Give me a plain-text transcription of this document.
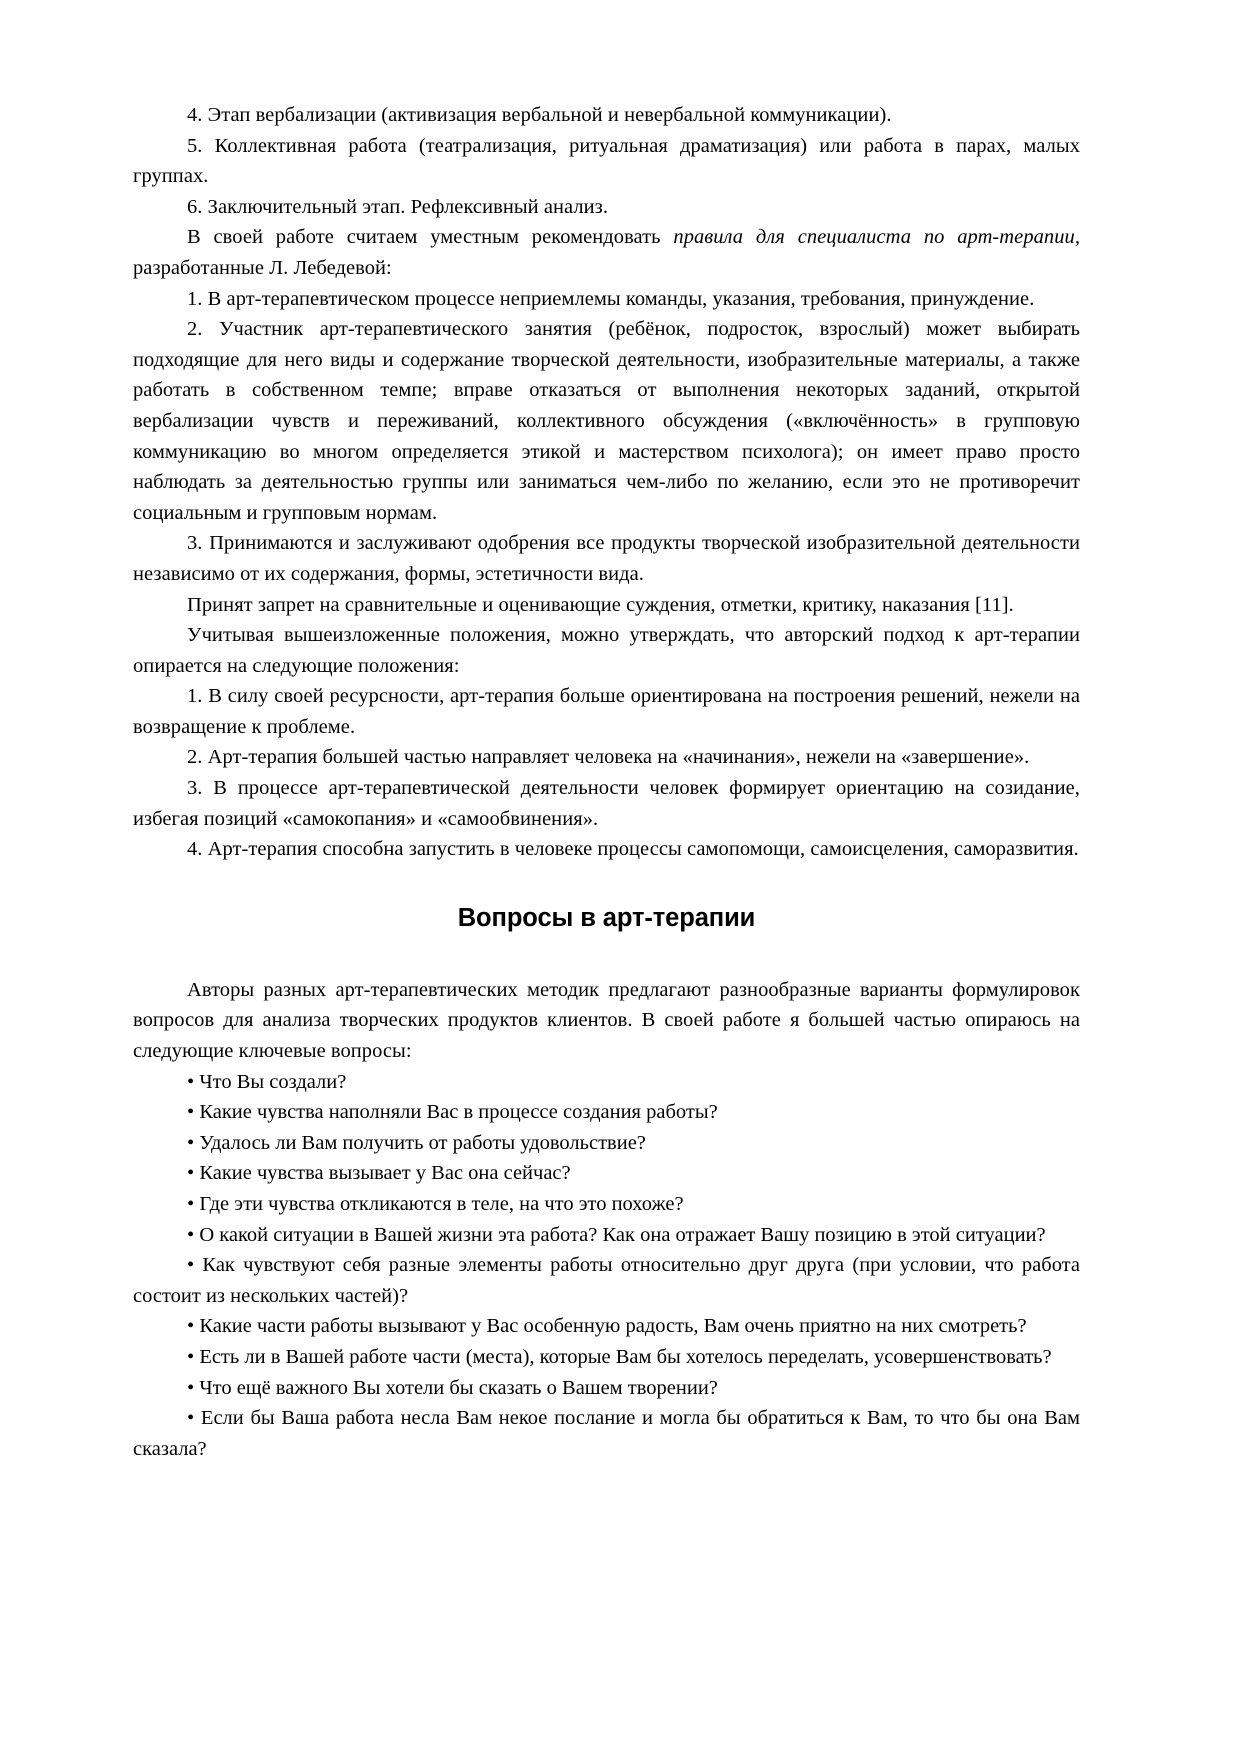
4. Этап вербализации (активизация вербальной и невербальной коммуникации).

5. Коллективная работа (театрализация, ритуальная драматизация) или работа в парах, малых группах.

6. Заключительный этап. Рефлексивный анализ.

В своей работе считаем уместным рекомендовать правила для специалиста по арт-терапии, разработанные Л. Лебедевой:

1. В арт-терапевтическом процессе неприемлемы команды, указания, требования, принуждение.

2. Участник арт-терапевтического занятия (ребёнок, подросток, взрослый) может выбирать подходящие для него виды и содержание творческой деятельности, изобразительные материалы, а также работать в собственном темпе; вправе отказаться от выполнения некоторых заданий, открытой вербализации чувств и переживаний, коллективного обсуждения («включённость» в групповую коммуникацию во многом определяется этикой и мастерством психолога); он имеет право просто наблюдать за деятельностью группы или заниматься чем-либо по желанию, если это не противоречит социальным и групповым нормам.

3. Принимаются и заслуживают одобрения все продукты творческой изобразительной деятельности независимо от их содержания, формы, эстетичности вида.

Принят запрет на сравнительные и оценивающие суждения, отметки, критику, наказания [11].

Учитывая вышеизложенные положения, можно утверждать, что авторский подход к арт-терапии опирается на следующие положения:

1. В силу своей ресурсности, арт-терапия больше ориентирована на построения решений, нежели на возвращение к проблеме.

2. Арт-терапия большей частью направляет человека на «начинания», нежели на «завершение».

3. В процессе арт-терапевтической деятельности человек формирует ориентацию на созидание, избегая позиций «самокопания» и «самообвинения».

4. Арт-терапия способна запустить в человеке процессы самопомощи, самоисцеления, саморазвития.

Вопросы в арт-терапии

Авторы разных арт-терапевтических методик предлагают разнообразные варианты формулировок вопросов для анализа творческих продуктов клиентов. В своей работе я большей частью опираюсь на следующие ключевые вопросы:

• Что Вы создали?
• Какие чувства наполняли Вас в процессе создания работы?
• Удалось ли Вам получить от работы удовольствие?
• Какие чувства вызывает у Вас она сейчас?
• Где эти чувства откликаются в теле, на что это похоже?
• О какой ситуации в Вашей жизни эта работа? Как она отражает Вашу позицию в этой ситуации?
• Как чувствуют себя разные элементы работы относительно друг друга (при условии, что работа состоит из нескольких частей)?
• Какие части работы вызывают у Вас особенную радость, Вам очень приятно на них смотреть?
• Есть ли в Вашей работе части (места), которые Вам бы хотелось переделать, усовершенствовать?
• Что ещё важного Вы хотели бы сказать о Вашем творении?
• Если бы Ваша работа несла Вам некое послание и могла бы обратиться к Вам, то что бы она Вам сказала?
